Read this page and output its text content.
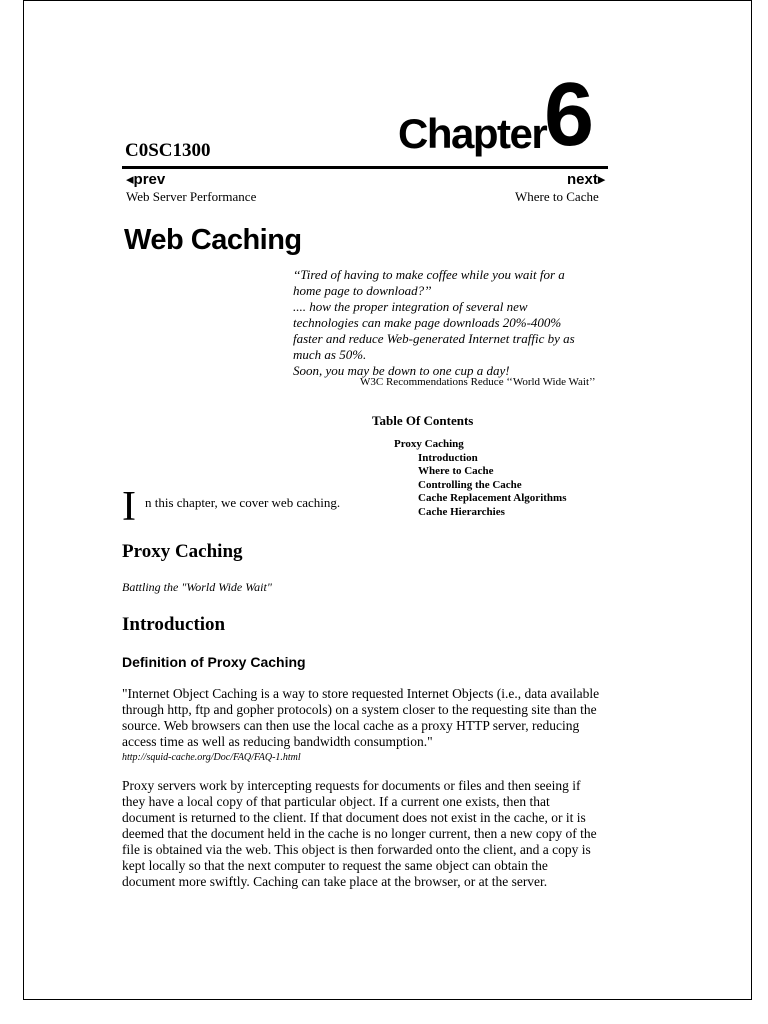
C0SC1300	Chapter
6
◂prev
Web Server Performance
next▸
Where to Cache
Web Caching

‘‘Tired of having to make coffee while you wait for a

home page to download?’’

.... how the proper integration of several new

technologies can make page downloads 20%-400%

faster and reduce Web-generated Internet traffic by as

much as 50%.

Soon, you may be down to one cup a day!

W3C Recommendations Reduce ‘‘World Wide Wait’’
Table Of Contents
Proxy Caching
Introduction
Where to Cache
Controlling the Cache
Cache Replacement Algorithms
Cache Hierarchies
I n this chapter, we cover web caching.
Proxy Caching
Battling the "World Wide Wait"
Introduction
Definition of Proxy Caching

"Internet Object Caching is a way to store requested Internet Objects (i.e., data available

through http, ftp and gopher protocols) on a system closer to the requesting site than the

source. Web browsers can then use the local cache as a proxy HTTP server, reducing

access time as well as reducing bandwidth consumption."

http://squid-cache.org/Doc/FAQ/FAQ-1.html

Proxy servers work by intercepting requests for documents or files and then seeing if

they have a local copy of that particular object. If a current one exists, then that

document is returned to the client. If that document does not exist in the cache, or it is

deemed that the document held in the cache is no longer current, then a new copy of the

file is obtained via the web. This object is then forwarded onto the client, and a copy is

kept locally so that the next computer to request the same object can obtain the

document more swiftly. Caching can take place at the browser, or at the server.
